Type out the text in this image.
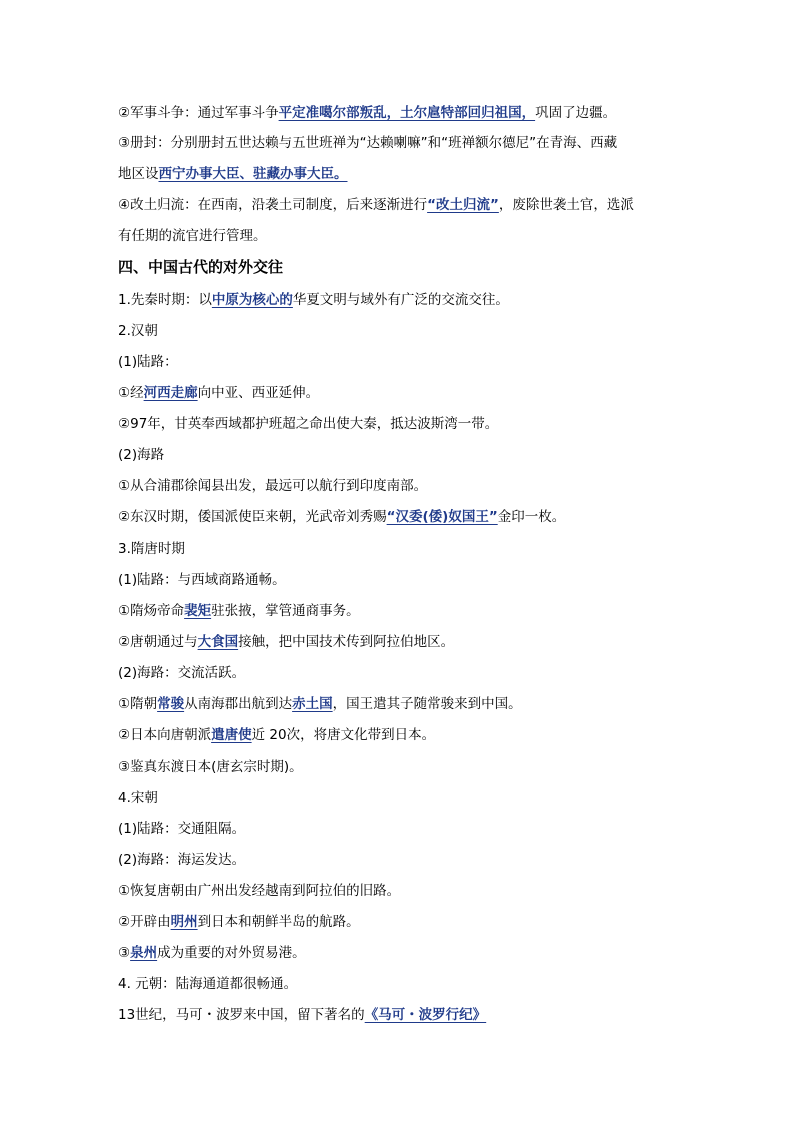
②军事斗争：通过军事斗争平定准噶尔部叛乱，土尔扈特部回归祖国，巩固了边疆。
③册封：分别册封五世达赖与五世班禅为“达赖喇嘛”和“班禅额尔德尼”在青海、西藏
地区设西宁办事大臣、驻藏办事大臣。
④改土归流：在西南，沿袭土司制度，后来逐渐进行“改土归流”，废除世袭土官，选派
有任期的流官进行管理。
四、中国古代的对外交往
1.先秦时期：以中原为核心的华夏文明与域外有广泛的交流交往。
2.汉朝
(1)陆路：
①经河西走廊向中亚、西亚延伸。
②97年，甘英奉西域都护班超之命出使大秦，抵达波斯湾一带。
(2)海路
①从合浦郡徐闻县出发，最远可以航行到印度南部。
②东汉时期，倭国派使臣来朝，光武帝刘秀赐“汉委(倭)奴国王”金印一枚。
3.隋唐时期
(1)陆路：与西域商路通畅。
①隋炀帝命裴矩驻张掖，掌管通商事务。
②唐朝通过与大食国接触，把中国技术传到阿拉伯地区。
(2)海路：交流活跃。
①隋朝常骏从南海郡出航到达赤土国，国王遣其子随常骏来到中国。
②日本向唐朝派遣唐使近 20次，将唐文化带到日本。
③鉴真东渡日本(唐玄宗时期)。
4.宋朝
(1)陆路：交通阻隔。
(2)海路：海运发达。
①恢复唐朝由广州出发经越南到阿拉伯的旧路。
②开辟由明州到日本和朝鲜半岛的航路。
③泉州成为重要的对外贸易港。
4. 元朝：陆海通道都很畅通。
13世纪，马可・波罗来中国，留下著名的《马可・波罗行纪》
